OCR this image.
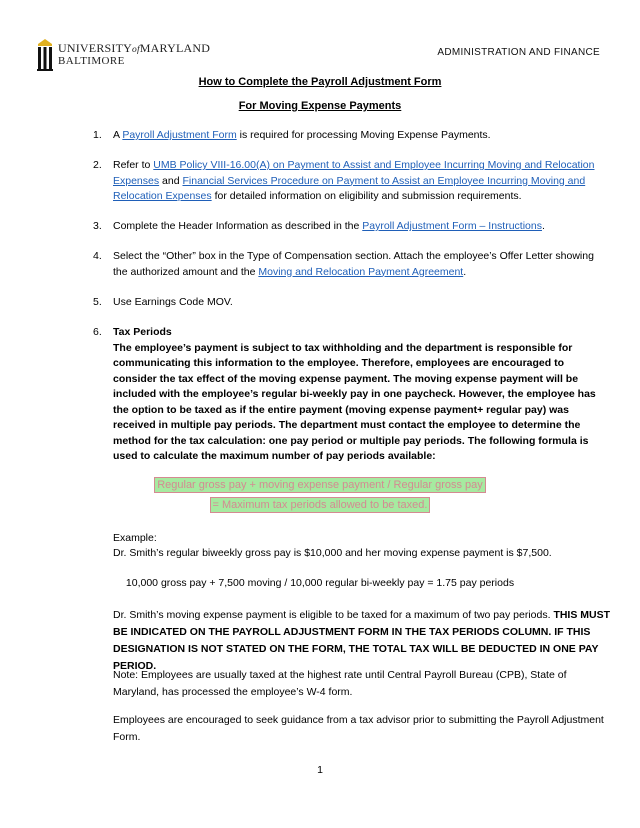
UNIVERSITYofMARYLAND
BALTIMORE
ADMINISTRATION AND FINANCE
How to Complete the Payroll Adjustment Form
For Moving Expense Payments
1.	A Payroll Adjustment Form is required for processing Moving Expense Payments.
2.	Refer to UMB Policy VIII-16.00(A) on Payment to Assist and Employee Incurring Moving and Relocation Expenses and Financial Services Procedure on Payment to Assist an Employee Incurring Moving and Relocation Expenses for detailed information on eligibility and submission requirements.
3.	Complete the Header Information as described in the Payroll Adjustment Form – Instructions.
4.	Select the “Other” box in the Type of Compensation section. Attach the employee’s Offer Letter showing the authorized amount and the Moving and Relocation Payment Agreement.
5.	Use Earnings Code MOV.
6.	Tax Periods
The employee’s payment is subject to tax withholding and the department is responsible for communicating this information to the employee. Therefore, employees are encouraged to consider the tax effect of the moving expense payment. The moving expense payment will be included with the employee’s regular bi-weekly pay in one paycheck. However, the employee has the option to be taxed as if the entire payment (moving expense payment+ regular pay) was received in multiple pay periods. The department must contact the employee to determine the method for the tax calculation: one pay period or multiple pay periods. The following formula is used to calculate the maximum number of pay periods available:
Regular gross pay + moving expense payment / Regular gross pay
= Maximum tax periods allowed to be taxed.
Example:
Dr. Smith’s regular biweekly gross pay is $10,000 and her moving expense payment is $7,500.
10,000 gross pay + 7,500 moving / 10,000 regular bi-weekly pay = 1.75 pay periods
Dr. Smith’s moving expense payment is eligible to be taxed for a maximum of two pay periods. THIS MUST BE INDICATED ON THE PAYROLL ADJUSTMENT FORM IN THE TAX PERIODS COLUMN. IF THIS DESIGNATION IS NOT STATED ON THE FORM, THE TOTAL TAX WILL BE DEDUCTED IN ONE PAY PERIOD.
Note: Employees are usually taxed at the highest rate until Central Payroll Bureau (CPB), State of Maryland, has processed the employee’s W-4 form.
Employees are encouraged to seek guidance from a tax advisor prior to submitting the Payroll Adjustment Form.
1
